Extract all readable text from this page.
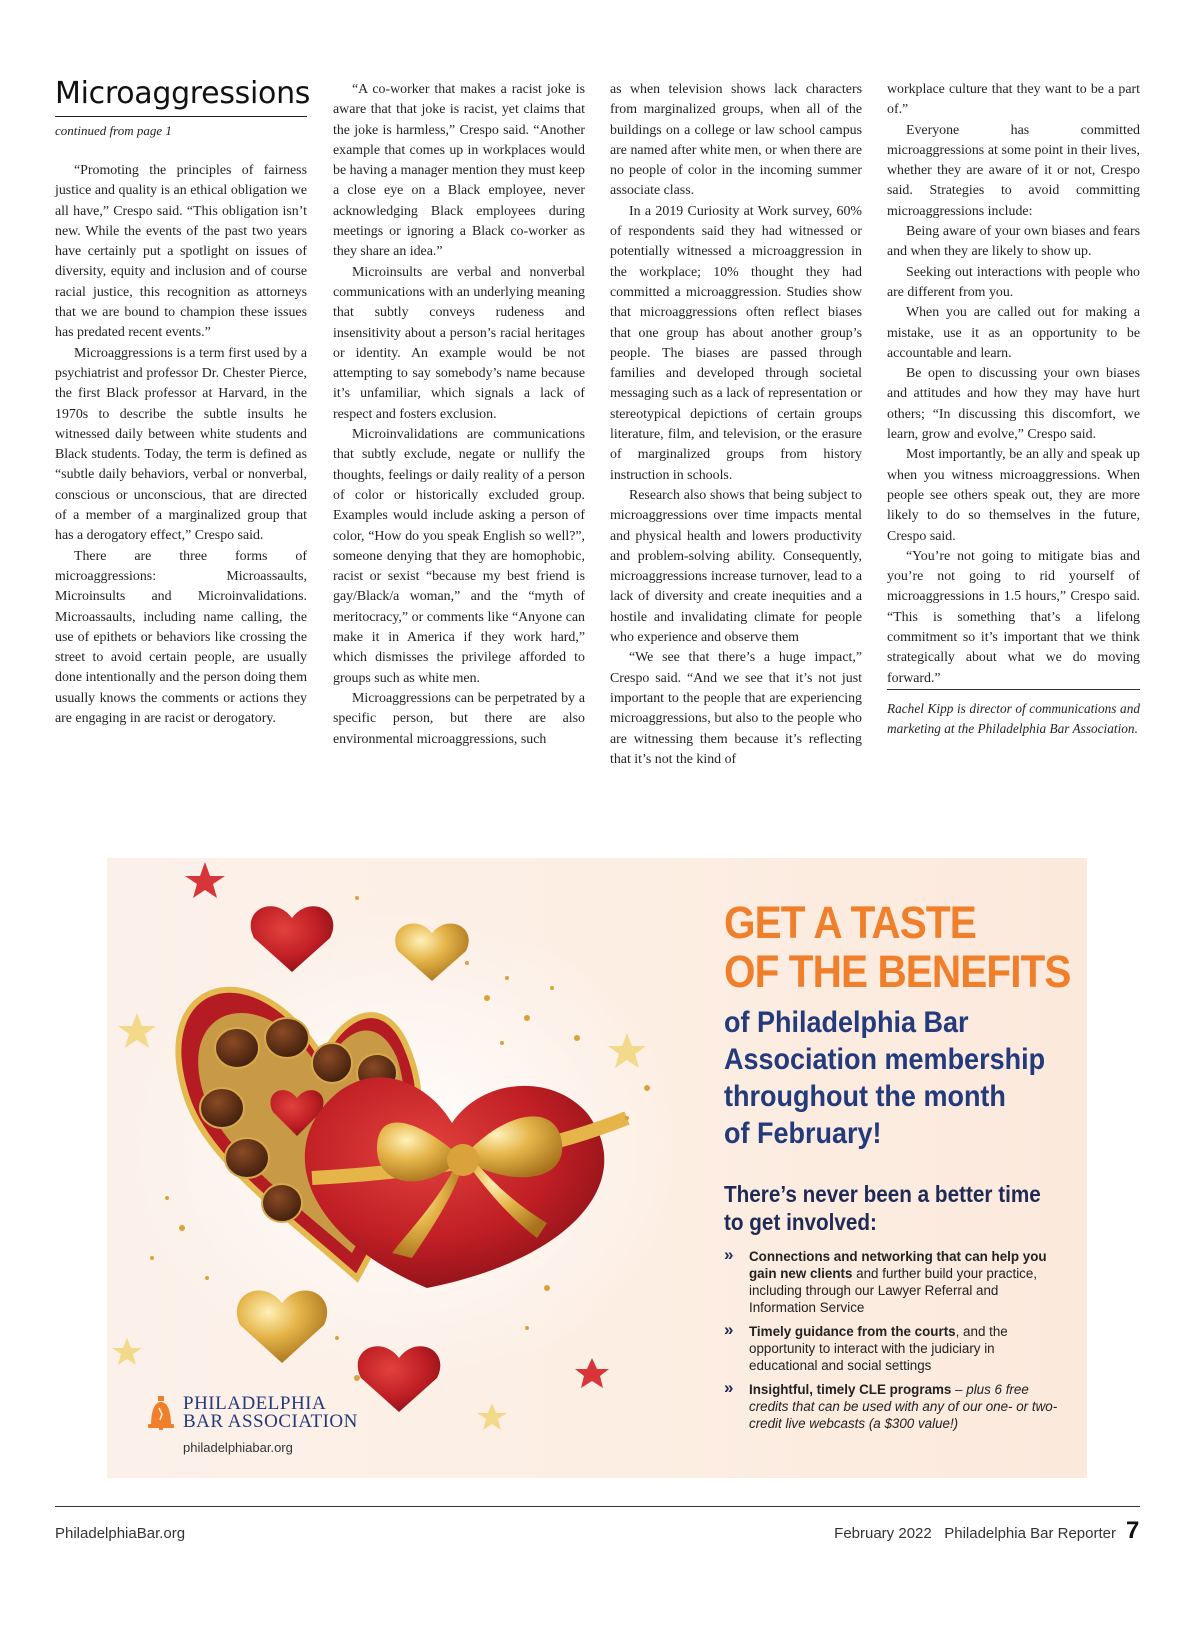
Microaggressions
continued from page 1

“Promoting the principles of fairness justice and quality is an ethical obligation we all have,” Crespo said. “This obligation isn’t new. While the events of the past two years have certainly put a spotlight on issues of diversity, equity and inclusion and of course racial justice, this recognition as attorneys that we are bound to champion these issues has predated recent events.”

Microaggressions is a term first used by a psychiatrist and professor Dr. Chester Pierce, the first Black professor at Harvard, in the 1970s to describe the subtle insults he witnessed daily between white students and Black students. Today, the term is defined as “subtle daily behaviors, verbal or nonverbal, conscious or unconscious, that are directed of a member of a marginalized group that has a derogatory effect,” Crespo said.

There are three forms of microaggressions: Microassaults, Microinsults and Microinvalidations. Microassaults, including name calling, the use of epithets or behaviors like crossing the street to avoid certain people, are usually done intentionally and the person doing them usually knows the comments or actions they are engaging in are racist or derogatory.

“A co-worker that makes a racist joke is aware that that joke is racist, yet claims that the joke is harmless,” Crespo said. “Another example that comes up in workplaces would be having a manager mention they must keep a close eye on a Black employee, never acknowledging Black employees during meetings or ignoring a Black co-worker as they share an idea.”

Microinsults are verbal and nonverbal communications with an underlying meaning that subtly conveys rudeness and insensitivity about a person’s racial heritages or identity. An example would be not attempting to say somebody’s name because it’s unfamiliar, which signals a lack of respect and fosters exclusion.

Microinvalidations are communications that subtly exclude, negate or nullify the thoughts, feelings or daily reality of a person of color or historically excluded group. Examples would include asking a person of color, “How do you speak English so well?”, someone denying that they are homophobic, racist or sexist “because my best friend is gay/Black/a woman,” and the “myth of meritocracy,” or comments like “Anyone can make it in America if they work hard,” which dismisses the privilege afforded to groups such as white men.

Microaggressions can be perpetrated by a specific person, but there are also environmental microaggressions, such

as when television shows lack characters from marginalized groups, when all of the buildings on a college or law school campus are named after white men, or when there are no people of color in the incoming summer associate class.

In a 2019 Curiosity at Work survey, 60% of respondents said they had witnessed or potentially witnessed a microaggression in the workplace; 10% thought they had committed a microaggression. Studies show that microaggressions often reflect biases that one group has about another group’s people. The biases are passed through families and developed through societal messaging such as a lack of representation or stereotypical depictions of certain groups literature, film, and television, or the erasure of marginalized groups from history instruction in schools.

Research also shows that being subject to microaggressions over time impacts mental and physical health and lowers productivity and problem-solving ability. Consequently, microaggressions increase turnover, lead to a lack of diversity and create inequities and a hostile and invalidating climate for people who experience and observe them

“We see that there’s a huge impact,” Crespo said. “And we see that it’s not just important to the people that are experiencing microaggressions, but also to the people who are witnessing them because it’s reflecting that it’s not the kind of

workplace culture that they want to be a part of.”

Everyone has committed microaggressions at some point in their lives, whether they are aware of it or not, Crespo said. Strategies to avoid committing microaggressions include:

Being aware of your own biases and fears and when they are likely to show up.

Seeking out interactions with people who are different from you.

When you are called out for making a mistake, use it as an opportunity to be accountable and learn.

Be open to discussing your own biases and attitudes and how they may have hurt others; “In discussing this discomfort, we learn, grow and evolve,” Crespo said.

Most importantly, be an ally and speak up when you witness microaggressions. When people see others speak out, they are more likely to do so themselves in the future, Crespo said.

“You’re not going to mitigate bias and you’re not going to rid yourself of microaggressions in 1.5 hours,” Crespo said. “This is something that’s a lifelong commitment so it’s important that we think strategically about what we do moving forward.”

Rachel Kipp is director of communications and marketing at the Philadelphia Bar Association.

GET A TASTE
OF THE BENEFITS
of Philadelphia Bar
Association membership
throughout the month
of February!
There’s never been a better time
to get involved:
» Connections and networking that can help you gain new clients and further build your practice, including through our Lawyer Referral and Information Service
» Timely guidance from the courts, and the opportunity to interact with the judiciary in educational and social settings
» Insightful, timely CLE programs – plus 6 free credits that can be used with any of our one- or two-credit live webcasts (a $300 value!)
PHILADELPHIA
BAR ASSOCIATION
philadelphiabar.org
PhiladelphiaBar.org	February 2022   Philadelphia Bar Reporter 7
